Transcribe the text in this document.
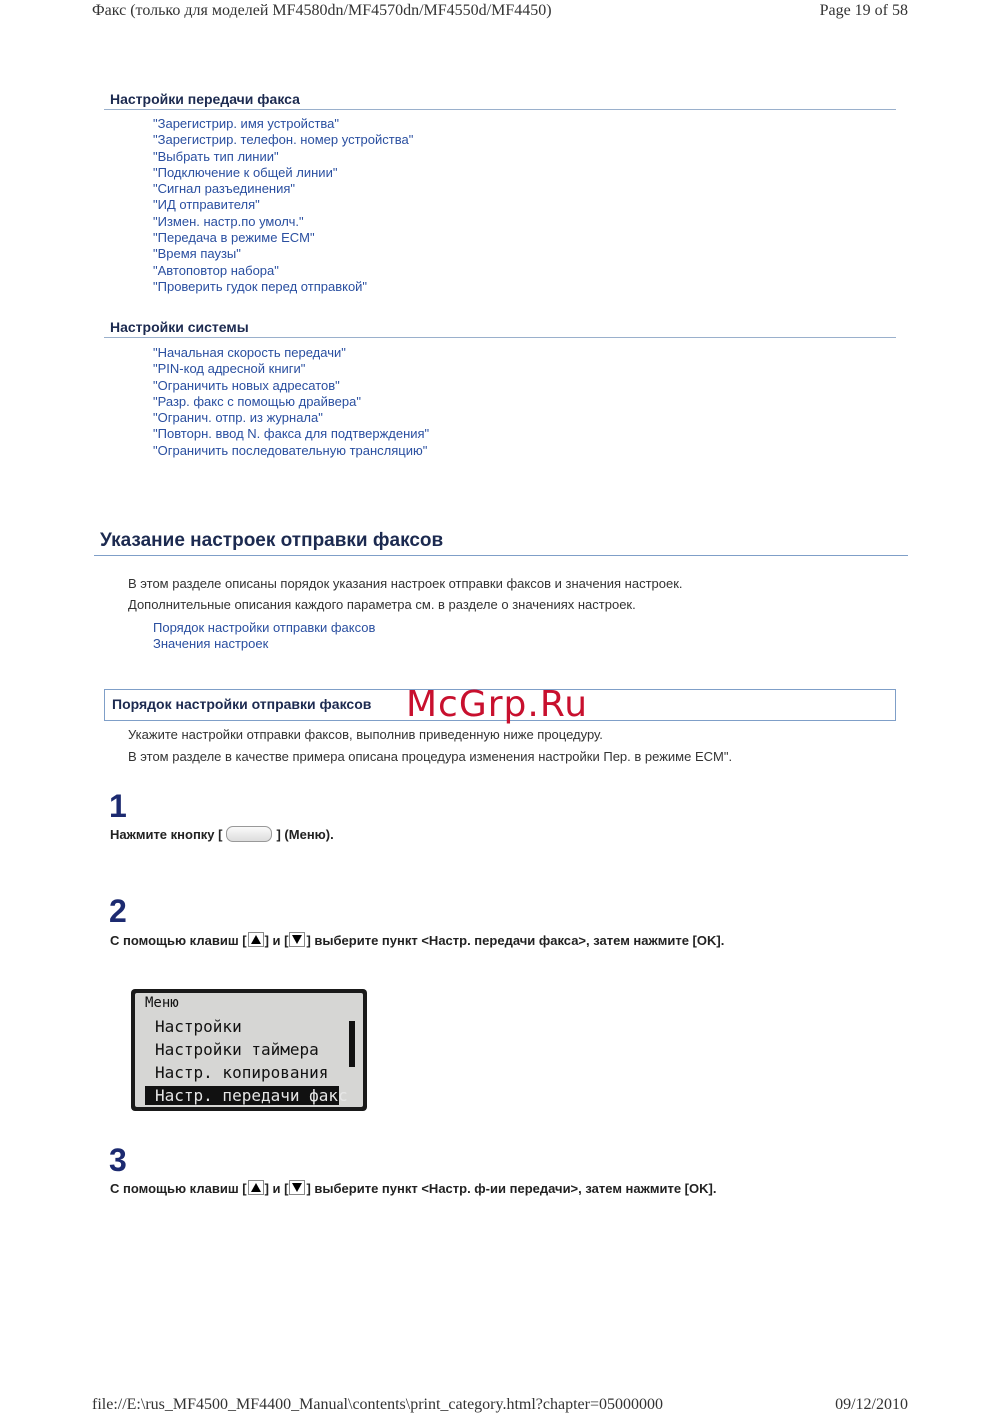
Факс (только для моделей MF4580dn/MF4570dn/MF4550d/MF4450)	Page 19 of 58
Настройки передачи факса
"Зарегистрир. имя устройства"
"Зарегистрир. телефон. номер устройства"
"Выбрать тип линии"
"Подключение к общей линии"
"Сигнал разъединения"
"ИД отправителя"
"Измен. настр.по умолч."
"Передача в режиме ECM"
"Время паузы"
"Автоповтор набора"
"Проверить гудок перед отправкой"
Настройки системы
"Начальная скорость передачи"
"PIN-код адресной книги"
"Ограничить новых адресатов"
"Разр. факс с помощью драйвера"
"Огранич. отпр. из журнала"
"Повторн. ввод N. факса для подтверждения"
"Ограничить последовательную трансляцию"
Указание настроек отправки факсов
В этом разделе описаны порядок указания настроек отправки факсов и значения настроек.
Дополнительные описания каждого параметра см. в разделе о значениях настроек.
Порядок настройки отправки факсов
Значения настроек
Порядок настройки отправки факсов McGrp.Ru
Укажите настройки отправки факсов, выполнив приведенную ниже процедуру.
В этом разделе в качестве примера описана процедура изменения настройки Пер. в режиме ECM".
1
Нажмите кнопку [	] (Меню).
2
С помощью клавиш [ ] и [ ] выберите пункт <Настр. передачи факса>, затем нажмите [OK].
Меню
Настройки
Настройки таймера
Настр. копирования
Настр. передачи факс
3
С помощью клавиш [ ] и [ ] выберите пункт <Настр. ф-ии передачи>, затем нажмите [OK].
file://E:\rus_MF4500_MF4400_Manual\contents\print_category.html?chapter=05000000	09/12/2010
